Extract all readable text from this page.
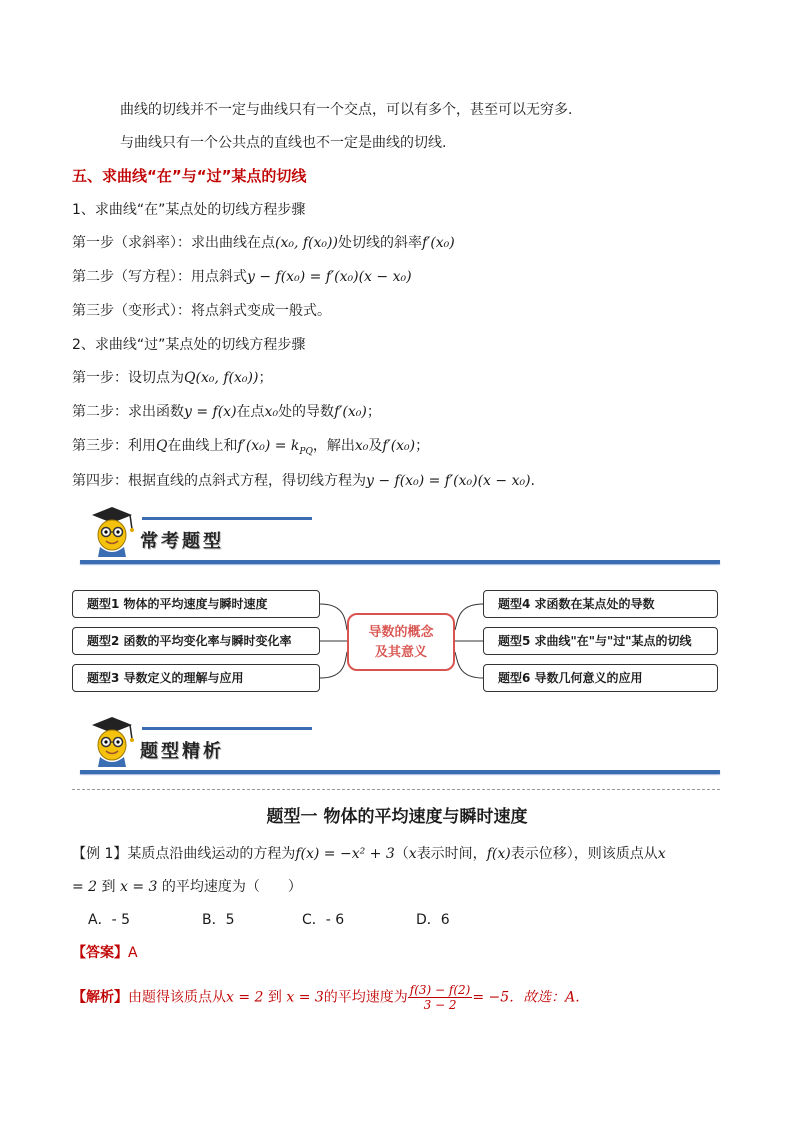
曲线的切线并不一定与曲线只有一个交点，可以有多个，甚至可以无穷多.
与曲线只有一个公共点的直线也不一定是曲线的切线.
五、求曲线“在”与“过”某点的切线
1、求曲线“在”某点处的切线方程步骤
第一步（求斜率）：求出曲线在点(x₀, f(x₀))处切线的斜率f′(x₀)
第二步（写方程）：用点斜式y − f(x₀) = f′(x₀)(x − x₀)
第三步（变形式）：将点斜式变成一般式。
2、求曲线“过”某点处的切线方程步骤
第一步：设切点为Q(x₀, f(x₀))；
第二步：求出函数y = f(x)在点x₀处的导数f′(x₀)；
第三步：利用Q在曲线上和$f'(x_0) = k_{PQ}$，解出x₀及f′(x₀)；
第四步：根据直线的点斜式方程，得切线方程为y − f(x₀) = f′(x₀)(x − x₀).
常考题型
题型1 物体的平均速度与瞬时速度
题型2 函数的平均变化率与瞬时变化率
题型3 导数定义的理解与应用
导数的概念
及其意义
题型4 求函数在某点处的导数
题型5 求曲线"在"与"过"某点的切线
题型6 导数几何意义的应用
题型精析
题型一 物体的平均速度与瞬时速度
【例 1】某质点沿曲线运动的方程为f(x) = −x² + 3（x表示时间，f(x)表示位移），则该质点从x
= 2 到 x = 3 的平均速度为（　　）
A．- 5	B．5	C．- 6	D．6
【答案】A
【解析】由题得该质点从x = 2 到 x = 3的平均速度为 $\frac{f(3) - f(2)}{3 - 2} = -5$．故选：A.
